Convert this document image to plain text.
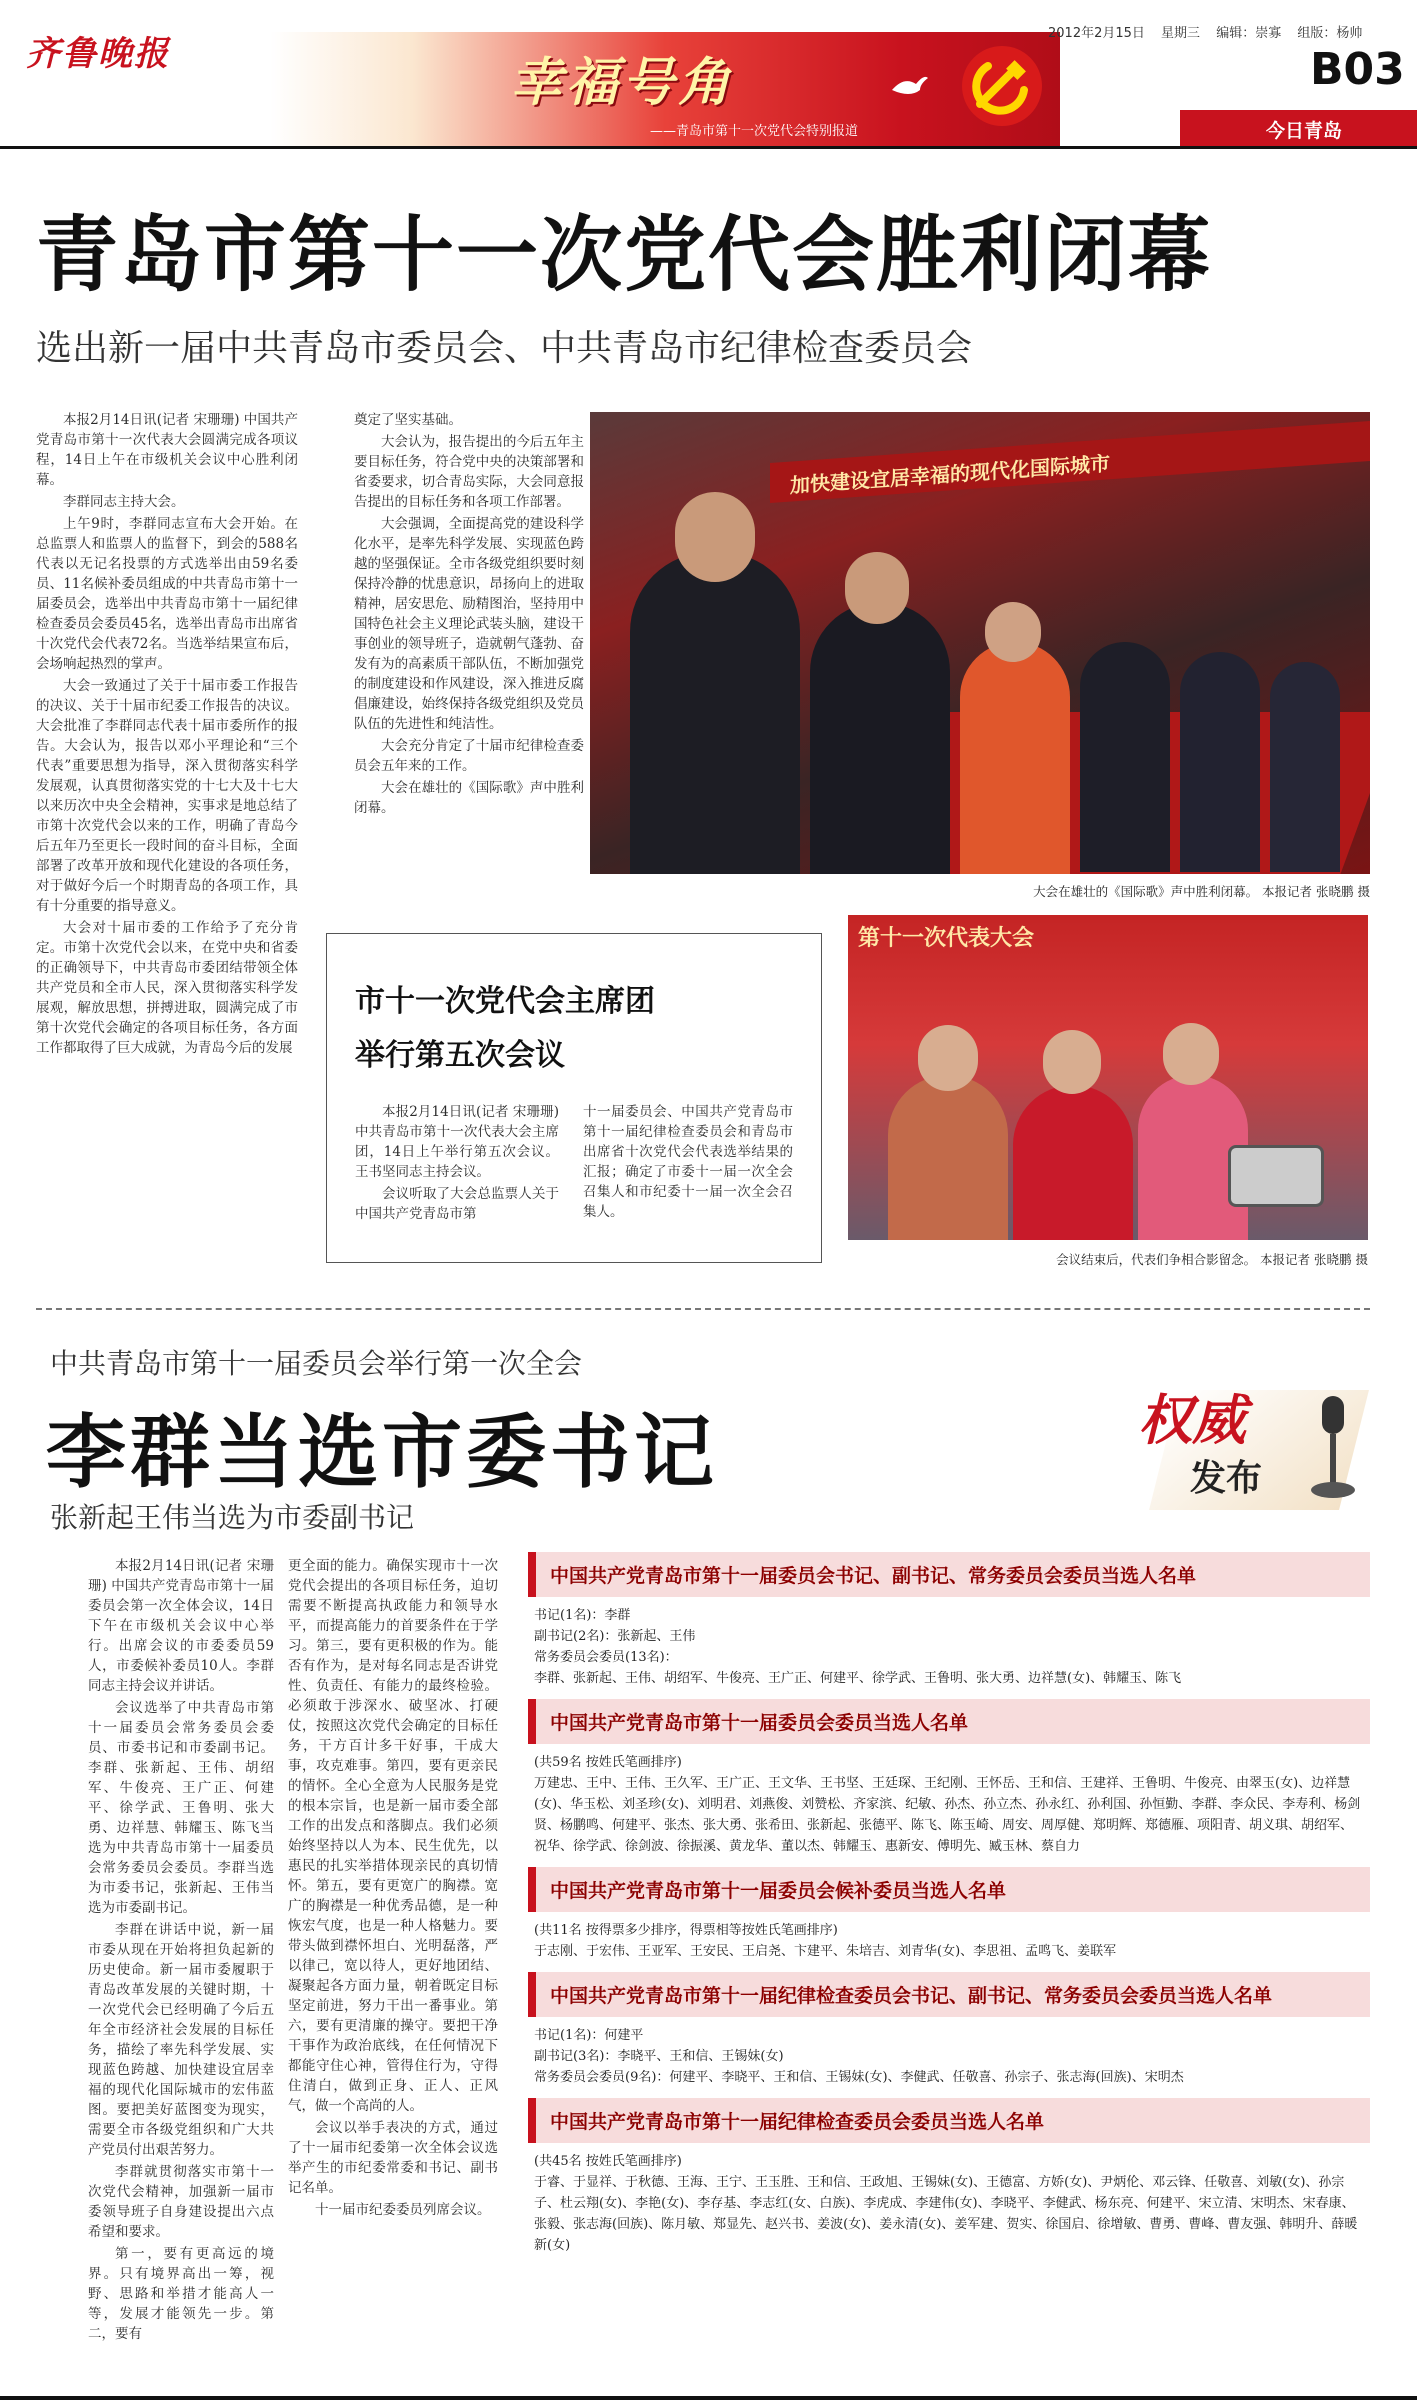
齐鲁晚报	幸福号角
——青岛市第十一次党代会特别报道
2012年2月15日 星期三 编辑：崇寡 组版：杨帅
B03
今日青岛
青岛市第十一次党代会胜利闭幕
选出新一届中共青岛市委员会、中共青岛市纪律检查委员会

本报2月14日讯(记者 宋珊珊) 中国共产党青岛市第十一次代表大会圆满完成各项议程，14日上午在市级机关会议中心胜利闭幕。

李群同志主持大会。

上午9时，李群同志宣布大会开始。在总监票人和监票人的监督下，到会的588名代表以无记名投票的方式选举出由59名委员、11名候补委员组成的中共青岛市第十一届委员会，选举出中共青岛市第十一届纪律检查委员会委员45名，选举出青岛市出席省十次党代会代表72名。当选举结果宣布后，会场响起热烈的掌声。

大会一致通过了关于十届市委工作报告的决议、关于十届市纪委工作报告的决议。大会批准了李群同志代表十届市委所作的报告。大会认为，报告以邓小平理论和“三个代表”重要思想为指导，深入贯彻落实科学发展观，认真贯彻落实党的十七大及十七大以来历次中央全会精神，实事求是地总结了市第十次党代会以来的工作，明确了青岛今后五年乃至更长一段时间的奋斗目标，全面部署了改革开放和现代化建设的各项任务，对于做好今后一个时期青岛的各项工作，具有十分重要的指导意义。

大会对十届市委的工作给予了充分肯定。市第十次党代会以来，在党中央和省委的正确领导下，中共青岛市委团结带领全体共产党员和全市人民，深入贯彻落实科学发展观，解放思想，拼搏进取，圆满完成了市第十次党代会确定的各项目标任务，各方面工作都取得了巨大成就，为青岛今后的发展

奠定了坚实基础。

大会认为，报告提出的今后五年主要目标任务，符合党中央的决策部署和省委要求，切合青岛实际，大会同意报告提出的目标任务和各项工作部署。

大会强调，全面提高党的建设科学化水平，是率先科学发展、实现蓝色跨越的坚强保证。全市各级党组织要时刻保持冷静的忧患意识，昂扬向上的进取精神，居安思危、励精图治，坚持用中国特色社会主义理论武装头脑，建设干事创业的领导班子，造就朝气蓬勃、奋发有为的高素质干部队伍，不断加强党的制度建设和作风建设，深入推进反腐倡廉建设，始终保持各级党组织及党员队伍的先进性和纯洁性。

大会充分肯定了十届市纪律检查委员会五年来的工作。

大会在雄壮的《国际歌》声中胜利闭幕。

加快建设宜居幸福的现代化国际城市
大会在雄壮的《国际歌》声中胜利闭幕。 本报记者 张晓鹏 摄
第十一次代表大会
会议结束后，代表们争相合影留念。 本报记者 张晓鹏 摄
市十一次党代会主席团
举行第五次会议

本报2月14日讯(记者 宋珊珊) 中共青岛市第十一次代表大会主席团，14日上午举行第五次会议。王书坚同志主持会议。

会议听取了大会总监票人关于中国共产党青岛市第

十一届委员会、中国共产党青岛市第十一届纪律检查委员会和青岛市出席省十次党代会代表选举结果的汇报；确定了市委十一届一次全会召集人和市纪委十一届一次全会召集人。

中共青岛市第十一届委员会举行第一次全会
李群当选市委书记
张新起王伟当选为市委副书记
权威
发布

本报2月14日讯(记者 宋珊珊) 中国共产党青岛市第十一届委员会第一次全体会议，14日下午在市级机关会议中心举行。出席会议的市委委员59人，市委候补委员10人。李群同志主持会议并讲话。

会议选举了中共青岛市第十一届委员会常务委员会委员、市委书记和市委副书记。李群、张新起、王伟、胡绍军、牛俊亮、王广正、何建平、徐学武、王鲁明、张大勇、边祥慧、韩耀玉、陈飞当选为中共青岛市第十一届委员会常务委员会委员。李群当选为市委书记，张新起、王伟当选为市委副书记。

李群在讲话中说，新一届市委从现在开始将担负起新的历史使命。新一届市委履职于青岛改革发展的关键时期，十一次党代会已经明确了今后五年全市经济社会发展的目标任务，描绘了率先科学发展、实现蓝色跨越、加快建设宜居幸福的现代化国际城市的宏伟蓝图。要把美好蓝图变为现实，需要全市各级党组织和广大共产党员付出艰苦努力。

李群就贯彻落实市第十一次党代会精神，加强新一届市委领导班子自身建设提出六点希望和要求。

第一，要有更高远的境界。只有境界高出一筹，视野、思路和举措才能高人一等，发展才能领先一步。第二，要有

更全面的能力。确保实现市十一次党代会提出的各项目标任务，迫切需要不断提高执政能力和领导水平，而提高能力的首要条件在于学习。第三，要有更积极的作为。能否有作为，是对每名同志是否讲党性、负责任、有能力的最终检验。必须敢于涉深水、破坚冰、打硬仗，按照这次党代会确定的目标任务，干方百计多干好事，干成大事，攻克难事。第四，要有更亲民的情怀。全心全意为人民服务是党的根本宗旨，也是新一届市委全部工作的出发点和落脚点。我们必须始终坚持以人为本、民生优先，以惠民的扎实举措体现亲民的真切情怀。第五，要有更宽广的胸襟。宽广的胸襟是一种优秀品德，是一种恢宏气度，也是一种人格魅力。要带头做到襟怀坦白、光明磊落，严以律己，宽以待人，更好地团结、凝聚起各方面力量，朝着既定目标坚定前进，努力干出一番事业。第六，要有更清廉的操守。要把干净干事作为政治底线，在任何情况下都能守住心神，管得住行为，守得住清白，做到正身、正人、正风气，做一个高尚的人。

会议以举手表决的方式，通过了十一届市纪委第一次全体会议选举产生的市纪委常委和书记、副书记名单。

十一届市纪委委员列席会议。

中国共产党青岛市第十一届委员会书记、副书记、常务委员会委员当选人名单
书记(1名)：李群
副书记(2名)：张新起、王伟
常务委员会委员(13名)：
李群、张新起、王伟、胡绍军、牛俊亮、王广正、何建平、徐学武、王鲁明、张大勇、边祥慧(女)、韩耀玉、陈飞
中国共产党青岛市第十一届委员会委员当选人名单
(共59名 按姓氏笔画排序)
万建忠、王中、王伟、王久军、王广正、王文华、王书坚、王廷琛、王纪刚、王怀岳、王和信、王建祥、王鲁明、牛俊亮、由翠玉(女)、边祥慧(女)、华玉松、刘圣珍(女)、刘明君、刘燕俊、刘赞松、齐家滨、纪敏、孙杰、孙立杰、孙永红、孙利国、孙恒勤、李群、李众民、李寿利、杨剑贤、杨鹏鸣、何建平、张杰、张大勇、张希田、张新起、张德平、陈飞、陈玉崎、周安、周厚健、郑明辉、郑德雁、项阳青、胡义琪、胡绍军、祝华、徐学武、徐剑波、徐振溪、黄龙华、董以杰、韩耀玉、惠新安、傅明先、臧玉林、蔡自力
中国共产党青岛市第十一届委员会候补委员当选人名单
(共11名 按得票多少排序，得票相等按姓氏笔画排序)
于志刚、于宏伟、王亚军、王安民、王启尧、卞建平、朱培吉、刘青华(女)、李思祖、孟鸣飞、姜联军
中国共产党青岛市第十一届纪律检查委员会书记、副书记、常务委员会委员当选人名单
书记(1名)：何建平
副书记(3名)：李晓平、王和信、王锡妹(女)
常务委员会委员(9名)：何建平、李晓平、王和信、王锡妹(女)、李健武、任敬喜、孙宗子、张志海(回族)、宋明杰
中国共产党青岛市第十一届纪律检查委员会委员当选人名单
(共45名 按姓氏笔画排序)
于睿、于显祥、于秋德、王海、王宁、王玉胜、王和信、王政旭、王锡妹(女)、王德富、方娇(女)、尹炳伦、邓云锋、任敬喜、刘敏(女)、孙宗子、杜云翔(女)、李艳(女)、李存基、李志红(女、白族)、李虎成、李建伟(女)、李晓平、李健武、杨东亮、何建平、宋立清、宋明杰、宋春康、张毅、张志海(回族)、陈月敏、郑显先、赵兴书、姜波(女)、姜永清(女)、姜军建、贺实、徐国启、徐增敏、曹勇、曹峰、曹友强、韩明升、薛暖新(女)
